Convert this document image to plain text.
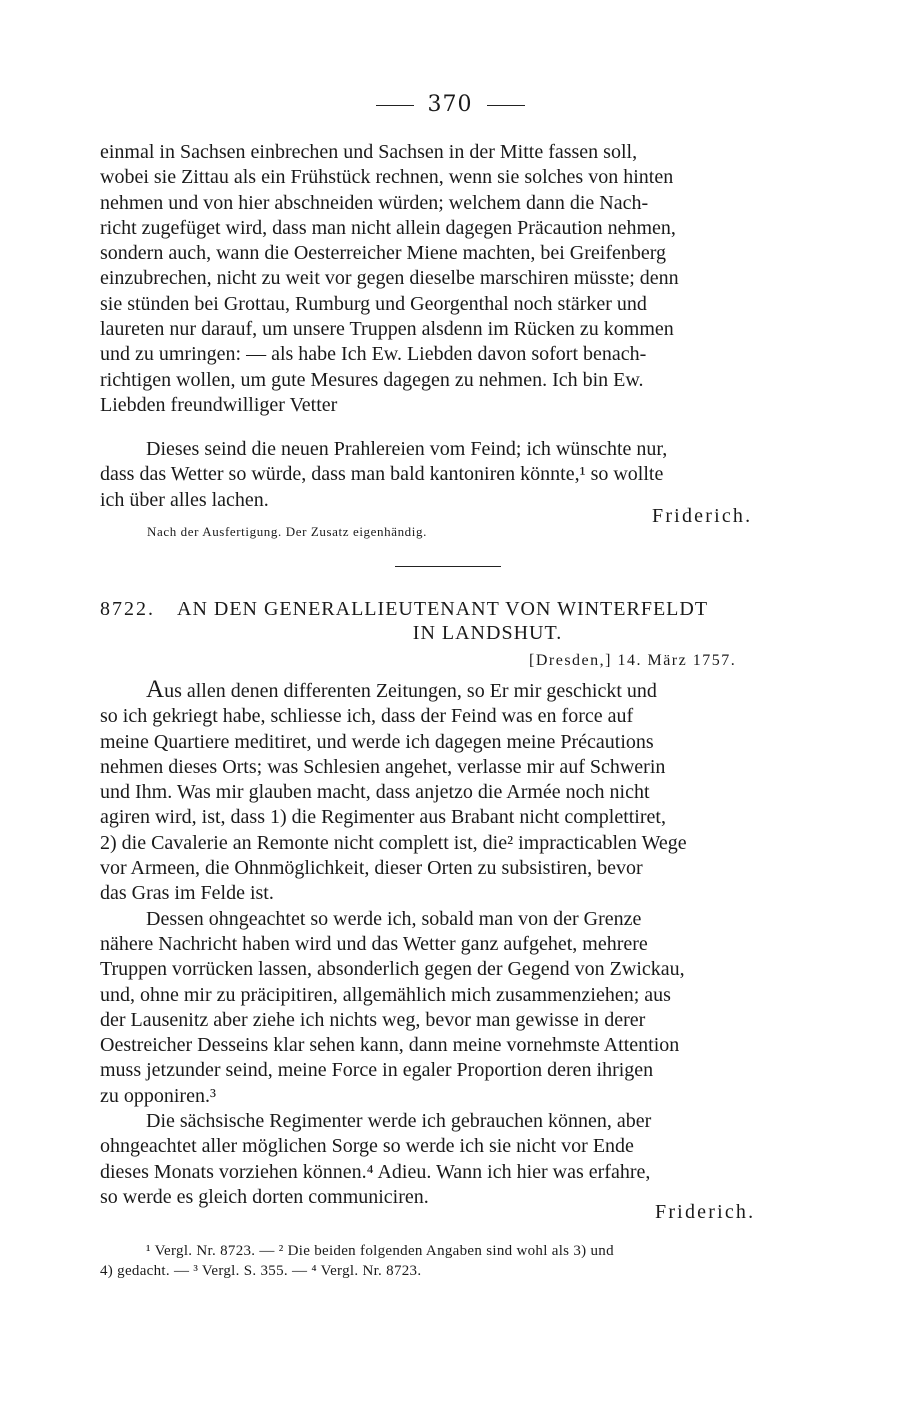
370
einmal in Sachsen einbrechen und Sachsen in der Mitte fassen soll,
wobei sie Zittau als ein Frühstück rechnen, wenn sie solches von hinten
nehmen und von hier abschneiden würden; welchem dann die Nach-
richt zugefüget wird, dass man nicht allein dagegen Präcaution nehmen,
sondern auch, wann die Oesterreicher Miene machten, bei Greifenberg
einzubrechen, nicht zu weit vor gegen dieselbe marschiren müsste; denn
sie stünden bei Grottau, Rumburg und Georgenthal noch stärker und
laureten nur darauf, um unsere Truppen alsdenn im Rücken zu kommen
und zu umringen: — als habe Ich Ew. Liebden davon sofort benach-
richtigen wollen, um gute Mesures dagegen zu nehmen. Ich bin Ew.
Liebden freundwilliger Vetter
Dieses seind die neuen Prahlereien vom Feind; ich wünschte nur,
dass das Wetter so würde, dass man bald kantoniren könnte,¹ so wollte
ich über alles lachen.
Friderich.
Nach der Ausfertigung. Der Zusatz eigenhändig.
8722. AN DEN GENERALLIEUTENANT VON WINTERFELDT
IN LANDSHUT.
[Dresden,] 14. März 1757.
Aus allen denen differenten Zeitungen, so Er mir geschickt und
so ich gekriegt habe, schliesse ich, dass der Feind was en force auf
meine Quartiere meditiret, und werde ich dagegen meine Précautions
nehmen dieses Orts; was Schlesien angehet, verlasse mir auf Schwerin
und Ihm. Was mir glauben macht, dass anjetzo die Armée noch nicht
agiren wird, ist, dass 1) die Regimenter aus Brabant nicht complettiret,
2) die Cavalerie an Remonte nicht complett ist, die² impracticablen Wege
vor Armeen, die Ohnmöglichkeit, dieser Orten zu subsistiren, bevor
das Gras im Felde ist.
Dessen ohngeachtet so werde ich, sobald man von der Grenze
nähere Nachricht haben wird und das Wetter ganz aufgehet, mehrere
Truppen vorrücken lassen, absonderlich gegen der Gegend von Zwickau,
und, ohne mir zu präcipitiren, allgemählich mich zusammenziehen; aus
der Lausenitz aber ziehe ich nichts weg, bevor man gewisse in derer
Oestreicher Desseins klar sehen kann, dann meine vornehmste Attention
muss jetzunder seind, meine Force in egaler Proportion deren ihrigen
zu opponiren.³
Die sächsische Regimenter werde ich gebrauchen können, aber
ohngeachtet aller möglichen Sorge so werde ich sie nicht vor Ende
dieses Monats vorziehen können.⁴ Adieu. Wann ich hier was erfahre,
so werde es gleich dorten communiciren.
Friderich.
¹ Vergl. Nr. 8723. — ² Die beiden folgenden Angaben sind wohl als 3) und
4) gedacht. — ³ Vergl. S. 355. — ⁴ Vergl. Nr. 8723.
